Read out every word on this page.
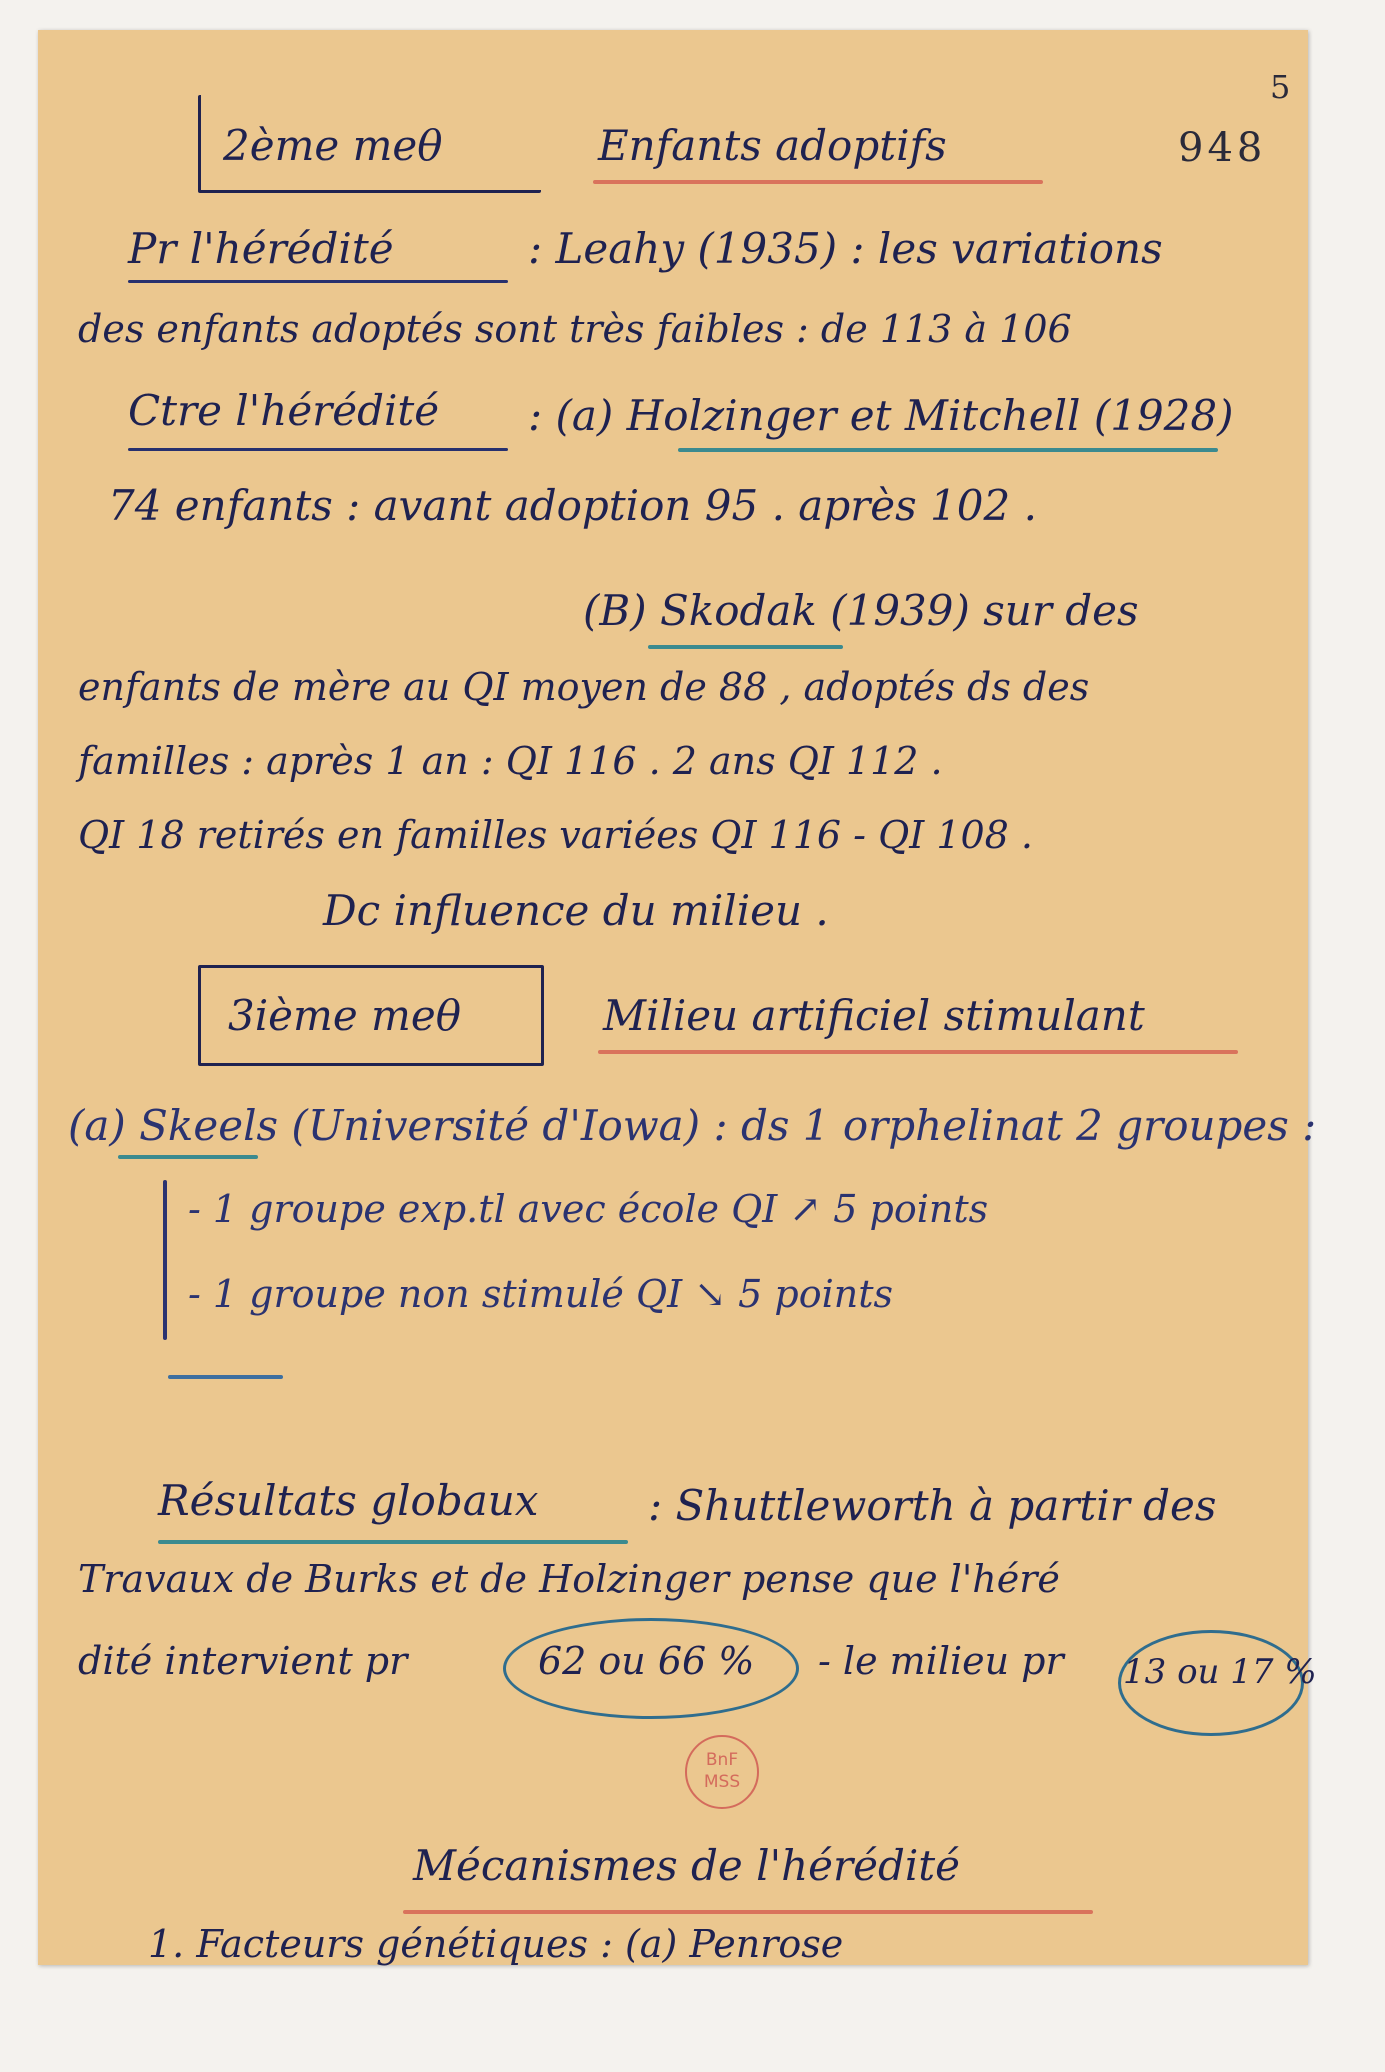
5
948
2ème meθ	Enfants adoptifs
Pr l'hérédité	: Leahy (1935) : les variations
des enfants adoptés sont très faibles : de 113 à 106
Ctre l'hérédité : (a) Holzinger et Mitchell (1928)
74 enfants : avant adoption 95 . après 102 .
(B) Skodak (1939) sur des
enfants de mère au QI moyen de 88 , adoptés ds des
familles : après 1 an : QI 116 . 2 ans QI 112 .
QI 18 retirés en familles variées QI 116 - QI 108 .
Dc influence du milieu .
3ième meθ	Milieu artificiel stimulant
(a) Skeels (Université d'Iowa) : ds 1 orphelinat 2 groupes :
- 1 groupe exp.tl avec école QI ↗ 5 points
- 1 groupe non stimulé QI ↘ 5 points
Résultats globaux	: Shuttleworth à partir des
Travaux de Burks et de Holzinger pense que l'héré
dité intervient pr	62 ou 66 % - le milieu pr 13 ou 17 %
Mécanismes de l'hérédité
1. Facteurs génétiques : (a) Penrose
BnF
MSS
